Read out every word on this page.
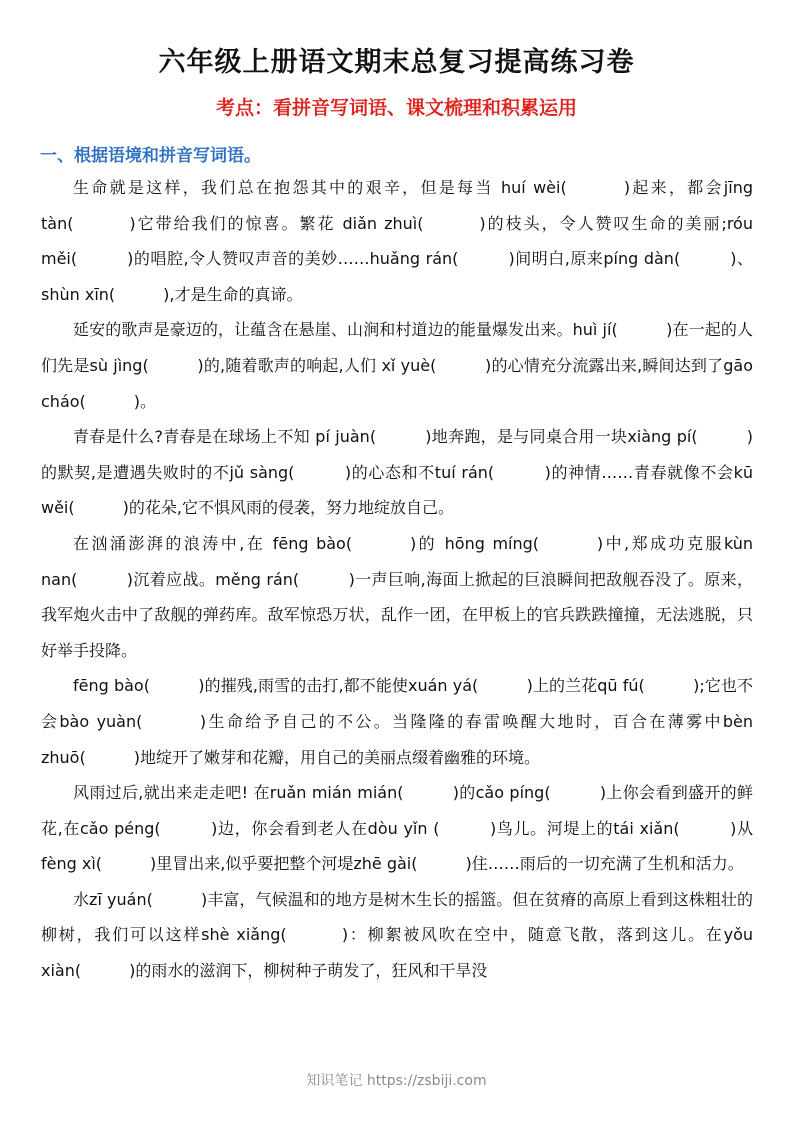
六年级上册语文期末总复习提高练习卷
考点：看拼音写词语、课文梳理和积累运用
一、根据语境和拼音写词语。

生命就是这样，我们总在抱怨其中的艰辛，但是每当 huí wèi(　　　)起来，都会jīng tàn(　　　)它带给我们的惊喜。繁花 diǎn zhuì(　　　)的枝头，令人赞叹生命的美丽;róu měi(　　　)的唱腔,令人赞叹声音的美妙……huǎng rán(　　　)间明白,原来píng dàn(　　　)、shùn xīn(　　　),才是生命的真谛。

延安的歌声是豪迈的，让蕴含在悬崖、山涧和村道边的能量爆发出来。huì jí(　　　)在一起的人们先是sù jìng(　　　)的,随着歌声的响起,人们 xǐ yuè(　　　)的心情充分流露出来,瞬间达到了gāo cháo(　　　)。

青春是什么?青春是在球场上不知 pí juàn(　　　)地奔跑，是与同桌合用一块xiàng pí(　　　)的默契,是遭遇失败时的不jǔ sàng(　　　)的心态和不tuí rán(　　　)的神情……青春就像不会kū wěi(　　　)的花朵,它不惧风雨的侵袭，努力地绽放自己。

在汹涌澎湃的浪涛中,在 fēng bào(　　　)的 hōng míng(　　　)中,郑成功克服kùn nan(　　　)沉着应战。měng rán(　　　)一声巨响,海面上掀起的巨浪瞬间把敌舰吞没了。原来，我军炮火击中了敌舰的弹药库。敌军惊恐万状，乱作一团，在甲板上的官兵跌跌撞撞，无法逃脱，只好举手投降。

fēng bào(　　　)的摧残,雨雪的击打,都不能使xuán yá(　　　)上的兰花qū fú(　　　);它也不会bào yuàn(　　　)生命给予自己的不公。当隆隆的春雷唤醒大地时，百合在薄雾中bèn zhuō(　　　)地绽开了嫩芽和花瓣，用自己的美丽点缀着幽雅的环境。

风雨过后,就出来走走吧! 在ruǎn mián mián(　　　)的cǎo píng(　　　)上你会看到盛开的鲜花,在cǎo péng(　　　)边，你会看到老人在dòu yǐn (　　　)鸟儿。河堤上的tái xiǎn(　　　)从 fèng xì(　　　)里冒出来,似乎要把整个河堤zhē gài(　　　)住……雨后的一切充满了生机和活力。

水zī yuán(　　　)丰富，气候温和的地方是树木生长的摇篮。但在贫瘠的高原上看到这株粗壮的柳树，我们可以这样shè xiǎng(　　　)：柳絮被风吹在空中，随意飞散，落到这儿。在yǒu xiàn(　　　)的雨水的滋润下，柳树种子萌发了，狂风和干旱没

知识笔记 https://zsbiji.com
